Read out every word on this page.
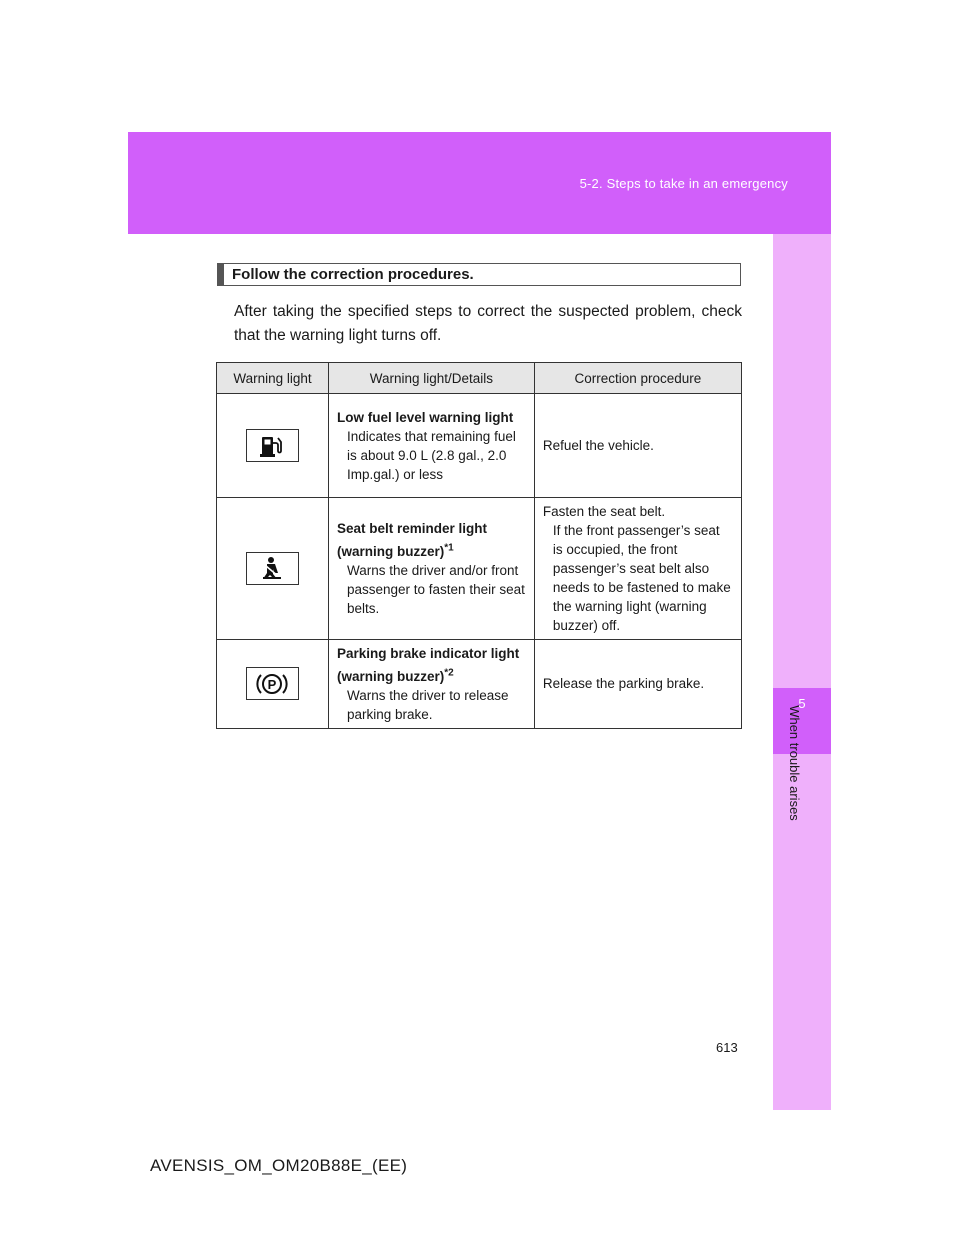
5-2. Steps to take in an emergency
5
When trouble arises
Follow the correction procedures.
After taking the specified steps to correct the suspected problem, check that the warning light turns off.
Warning light	Warning light/Details	Correction procedure

	Low fuel level warning light
Indicates that remaining fuel is about 9.0 L (2.8 gal., 2.0 Imp.gal.) or less	Refuel the vehicle.

	Seat belt reminder light (warning buzzer)$^{*1}$
Warns the driver and/or front passenger to fasten their seat belts.	Fasten the seat belt.
If the front passenger’s seat is occupied, the front passenger’s seat belt also needs to be fastened to make the warning light (warning buzzer) off.

P	Parking brake indicator light (warning buzzer)$^{*2}$
Warns the driver to release parking brake.	Release the parking brake.
613
AVENSIS_OM_OM20B88E_(EE)
